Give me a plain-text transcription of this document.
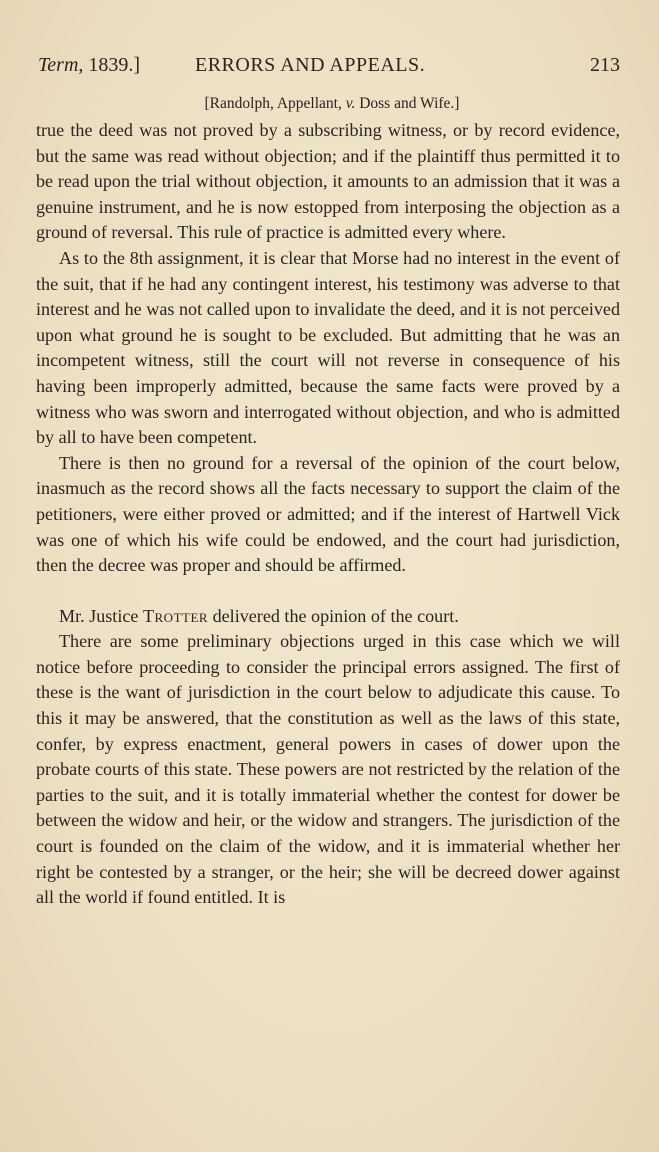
Term, 1839.]	ERRORS AND APPEALS.	213
[Randolph, Appellant, v. Doss and Wife.]

true the deed was not proved by a subscribing witness, or by record evidence, but the same was read without objection; and if the plaintiff thus permitted it to be read upon the trial without objection, it amounts to an admission that it was a genuine instrument, and he is now estopped from interposing the objection as a ground of reversal. This rule of practice is admitted every where.

As to the 8th assignment, it is clear that Morse had no interest in the event of the suit, that if he had any contingent interest, his testimony was adverse to that interest and he was not called upon to invalidate the deed, and it is not perceived upon what ground he is sought to be excluded. But admitting that he was an incompetent witness, still the court will not reverse in consequence of his having been improperly admitted, because the same facts were proved by a witness who was sworn and interrogated without objection, and who is admitted by all to have been competent.

There is then no ground for a reversal of the opinion of the court below, inasmuch as the record shows all the facts necessary to support the claim of the petitioners, were either proved or admitted; and if the interest of Hartwell Vick was one of which his wife could be endowed, and the court had jurisdiction, then the decree was proper and should be affirmed.

Mr. Justice Trotter delivered the opinion of the court.

There are some preliminary objections urged in this case which we will notice before proceeding to consider the principal errors assigned. The first of these is the want of jurisdiction in the court below to adjudicate this cause. To this it may be answered, that the constitution as well as the laws of this state, confer, by express enactment, general powers in cases of dower upon the probate courts of this state. These powers are not restricted by the relation of the parties to the suit, and it is totally immaterial whether the contest for dower be between the widow and heir, or the widow and strangers. The jurisdiction of the court is founded on the claim of the widow, and it is immaterial whether her right be contested by a stranger, or the heir; she will be decreed dower against all the world if found entitled. It is
